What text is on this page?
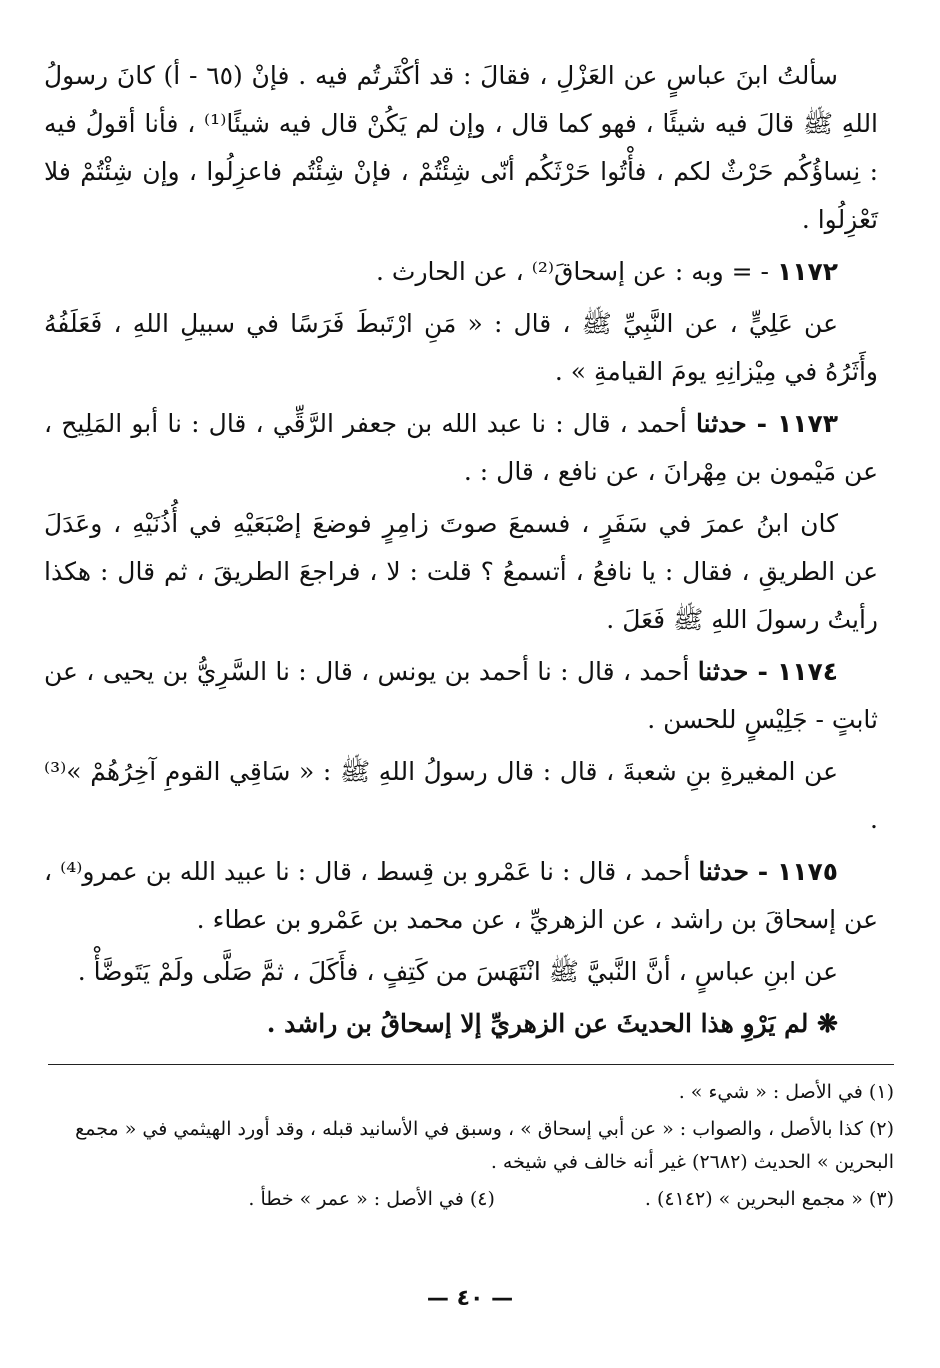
سألتُ ابنَ عباسٍ عن العَزْلِ ، فقالَ : قد أكْثَرتُم فيه . فإنْ (٦٥ - أ) كانَ رسولُ اللهِ ﷺ قالَ فيه شيئًا ، فهو كما قال ، وإن لم يَكُنْ قال فيه شيئًا⁽¹⁾ ، فأنا أقولُ فيه : نِساؤُكُم حَرْثٌ لكم ، فأْتُوا حَرْثَكُم أنّى شِئْتُمْ ، فإنْ شِئْتُم فاعزِلُوا ، وإن شِئْتُمْ فلا تَعْزِلُوا .

١١٧٢ - = وبه : عن إسحاقَ⁽²⁾ ، عن الحارث .

عن عَلِيٍّ ، عن النَّبِيِّ ﷺ ، قال : « مَنِ ارْتَبطَ فَرَسًا في سبيلِ اللهِ ، فَعَلَفُهُ وأَثَرُهُ في مِيْزانِهِ يومَ القيامةِ » .

١١٧٣ - حدثنا أحمد ، قال : نا عبد الله بن جعفر الرَّقِّي ، قال : نا أبو المَلِيح ، عن مَيْمون بن مِهْرانَ ، عن نافع ، قال : .

كان ابنُ عمرَ في سَفَرٍ ، فسمعَ صوتَ زامِرٍ فوضعَ إصْبَعَيْهِ في أُذُنَيْهِ ، وعَدَلَ عن الطريقِ ، فقال : يا نافعُ ، أتسمعُ ؟ قلت : لا ، فراجعَ الطريقَ ، ثم قال : هكذا رأيتُ رسولَ اللهِ ﷺ فَعَلَ .

١١٧٤ - حدثنا أحمد ، قال : نا أحمد بن يونس ، قال : نا السَّرِيُّ بن يحيى ، عن ثابتٍ - جَلِيْسٍ للحسن .

عن المغيرةِ بنِ شعبةَ ، قال : قال رسولُ اللهِ ﷺ : « سَاقِي القومِ آخِرُهُمْ »⁽³⁾ .

١١٧٥ - حدثنا أحمد ، قال : نا عَمْرو بن قِسط ، قال : نا عبيد الله بن عمرو⁽⁴⁾ ، عن إسحاقَ بن راشد ، عن الزهريِّ ، عن محمد بن عَمْرو بن عطاء .

عن ابنِ عباسٍ ، أنَّ النَّبيَّ ﷺ انْتَهَسَ من كَتِفٍ ، فأَكَلَ ، ثمَّ صَلَّى ولَمْ يَتَوضَّأْ .

❋ لم يَرْوِ هذا الحديثَ عن الزهريِّ إلا إسحاقُ بن راشد .

(١) في الأصل : « شيء » .

(٢) كذا بالأصل ، والصواب : « عن أبي إسحاق » ، وسبق في الأسانيد قبله ، وقد أورد الهيثمي في « مجمع البحرين » الحديث (٢٦٨٢) غير أنه خالف في شيخه .

(٣) « مجمع البحرين » (٤١٤٢) .
(٤) في الأصل : « عمر » خطأ .
— ٤٠ —
